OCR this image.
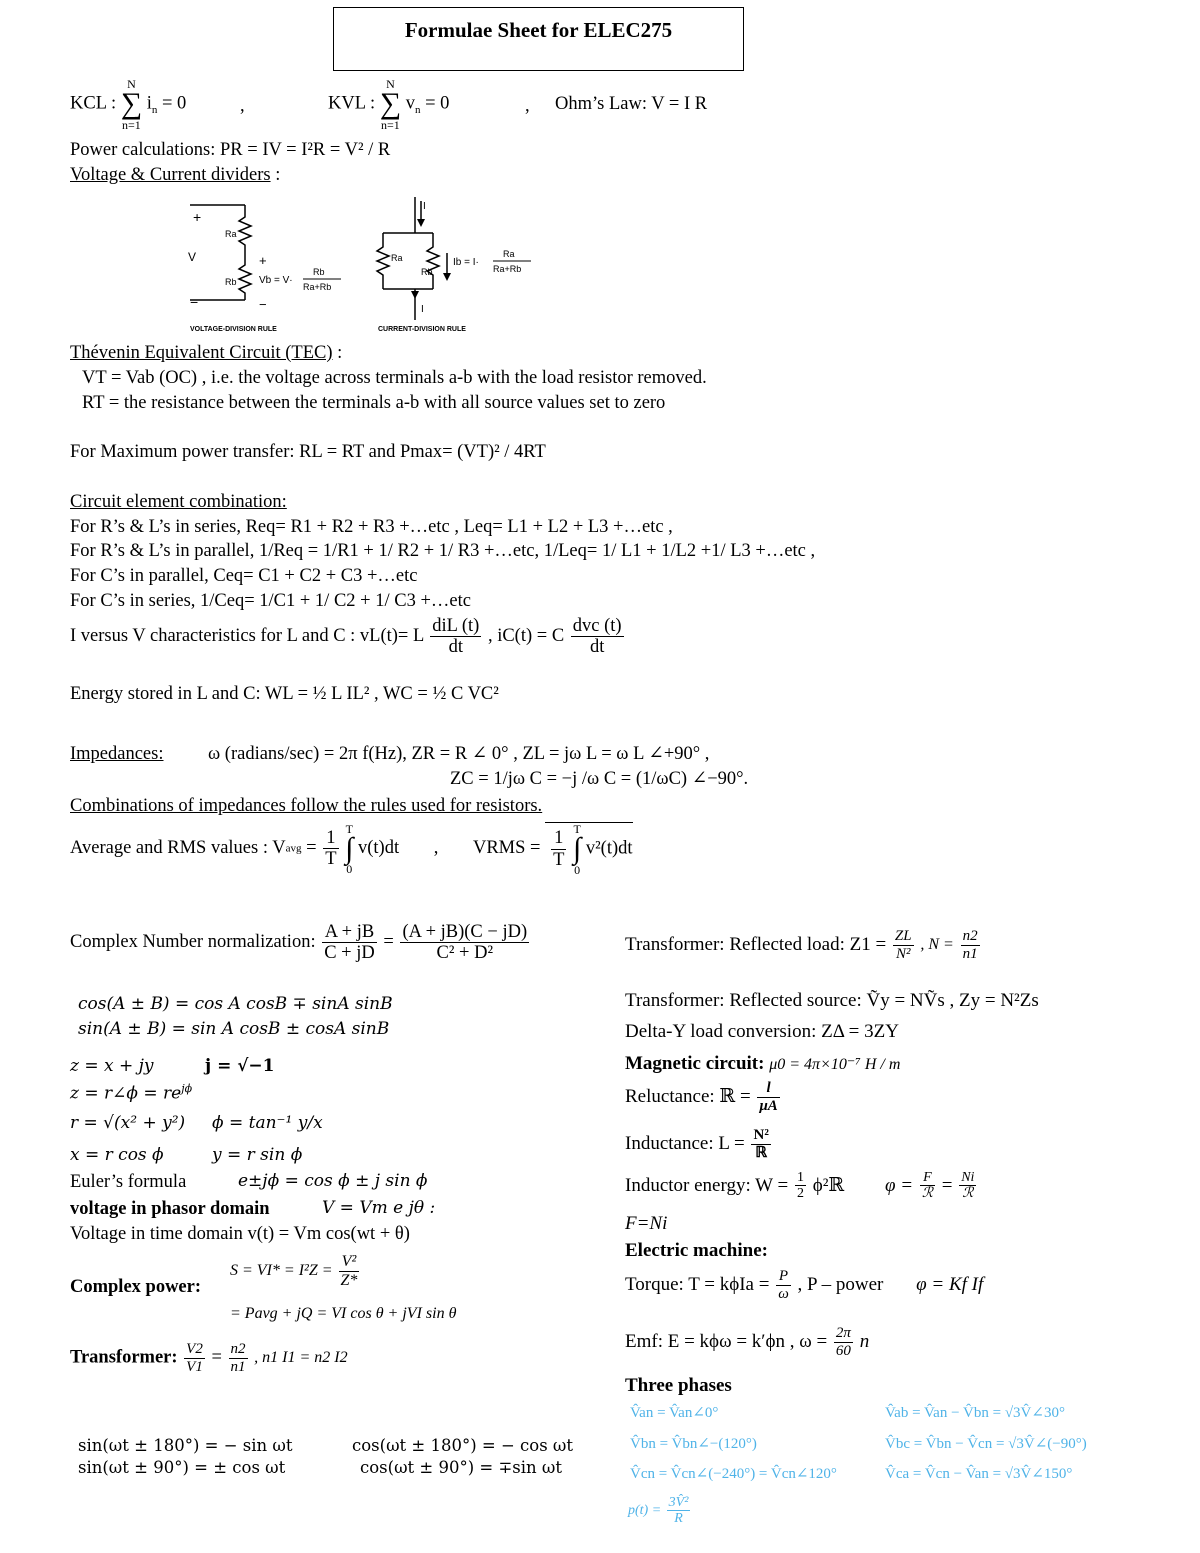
Formulae Sheet for ELEC275
KCL : N
∑
n=1 $i_n = 0$	,	KVL : N
∑
n=1 $v_n = 0$	, Ohm’s Law: V = I R
Power calculations: PR = IV = I²R = V² / R
Voltage & Current dividers :
+
V
−
Ra
Rb
+
Vb = V·
Rb
Ra+Rb
−
VOLTAGE-DIVISION RULE
I
Ra
Rb
Ib = I·
Ra
Ra+Rb
I
CURRENT-DIVISION RULE
Thévenin Equivalent Circuit (TEC) :
VT = Vab (OC) , i.e. the voltage across terminals a-b with the load resistor removed.
RT = the resistance between the terminals a-b with all source values set to zero
For Maximum power transfer: RL = RT and Pmax= (VT)² / 4RT
Circuit element combination:
For R’s & L’s in series, Req= R1 + R2 + R3 +…etc , Leq= L1 + L2 + L3 +…etc ,
For R’s & L’s in parallel, 1/Req = 1/R1 + 1/ R2 + 1/ R3 +…etc, 1/Leq= 1/ L1 + 1/L2 +1/ L3 +…etc ,
For C’s in parallel, Ceq= C1 + C2 + C3 +…etc
For C’s in series, 1/Ceq= 1/C1 + 1/ C2 + 1/ C3 +…etc
I versus V characteristics for L and C : vL(t)= L $\frac{\text{diL (t)}}{dt}$ , iC(t) = C $\frac{\text{dvc (t)}}{dt}$
Energy stored in L and C: WL = ½ L IL² , WC = ½ C VC²
Impedances: ω (radians/sec) = 2π f(Hz), ZR = R ∠ 0° , ZL = jω L = ω L ∠+90° ,
ZC = 1/jω C = −j /ω C = (1/ωC) ∠−90°.
Combinations of impedances follow the rules used for resistors.
Average and RMS values : Vavg = $\frac{1}{T}$ T
∫
0 v(t)dt , VRMS = $\frac{1}{T}$ T
∫
0 v²(t)dt
Complex Number normalization: $\frac{A + jB}{C + jD} = \frac{(A + jB)(C - jD)}{\text{C² + D²}}$
cos(A ± B) = cos A cosB ∓ sinA sinB
sin(A ± B) = sin A cosB ± cosA sinB
z = x + jy	j = √−1
z = r∠ϕ = $re^{j\phi}$
r = √(x² + y²) ϕ = tan⁻¹ y/x
x = r cos ϕ	y = r sin ϕ
Euler’s formula	e±jϕ = cos ϕ ± j sin ϕ
voltage in phasor domain	V = Vm e jθ :
Voltage in time domain v(t) = Vm cos(wt + θ)
Complex power:
$S = VI* = I^2Z = \frac{\text{V²}}{Z*}$
= Pavg + jQ = VI cos θ + jVI sin θ
Transformer: $\frac{V2}{V1} = \frac{n2}{n1}$ , n1 I1 = n2 I2
sin(ωt ± 180°) = − sin ωt	cos(ωt ± 180°) = − cos ωt
sin(ωt ± 90°) = ± cos ωt	cos(ωt ± 90°) = ∓sin ωt
Transformer: Reflected load: $Z1 = \frac{ZL}{\text{N²}}$ , $N = \frac{n2}{n1}$
Transformer: Reflected source: Ṽy = NṼs , Zy = N²Zs
Delta-Y load conversion: ZΔ = 3ZY
Magnetic circuit: μ0 = 4π×10⁻⁷ H / m
Reluctance: ℝ = $\frac{l}{\mu A}$
Inductance: $L = \frac{\text{N²}}{\text{ℝ}}$
Inductor energy: $W = \frac{1}{2}$ ϕ²ℝ $\varphi = \frac{F}{\text{ℛ}} = \frac{Ni}{\text{ℛ}}$
F=Ni
Electric machine:
Torque: $T = k\phi Ia = \frac{P}{\omega}$ , P – power φ = Kf If
Emf: E = kϕω = k′ϕn , $\omega = \frac{2\pi}{60}$ n
Three phases
V̂an = V̂an∠0°
V̂bn = V̂bn∠−(120°)
V̂cn = V̂cn∠(−240°) = V̂cn∠120°
V̂ab = V̂an − V̂bn = √3V̂∠30°
V̂bc = V̂bn − V̂cn = √3V̂∠(−90°)
V̂ca = V̂cn − V̂an = √3V̂∠150°
$p(t) = \frac{\text{3V̂²}}{R}$
